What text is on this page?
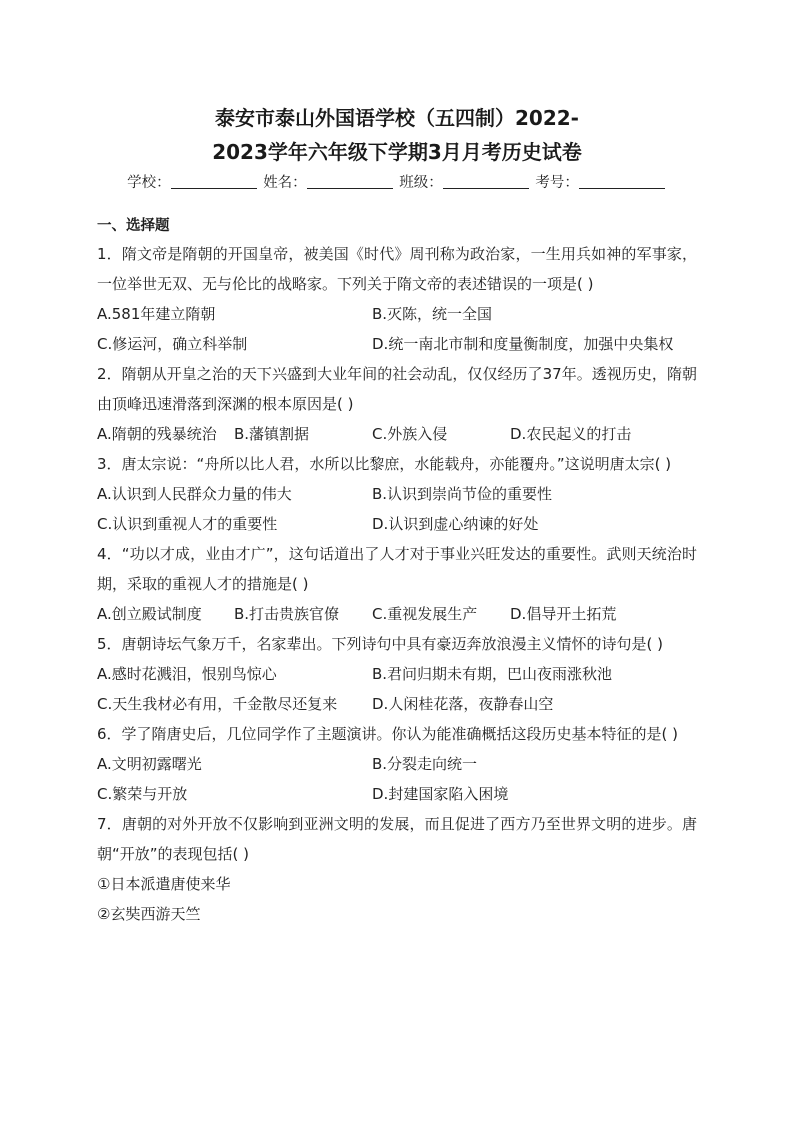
泰安市泰山外国语学校（五四制）2022-
2023学年六年级下学期3月月考历史试卷
学校：	姓名：	班级：	考号：
一、选择题

1．隋文帝是隋朝的开国皇帝，被美国《时代》周刊称为政治家，一生用兵如神的军事家，一位举世无双、无与伦比的战略家。下列关于隋文帝的表述错误的一项是( )

A.581年建立隋朝	B.灭陈，统一全国
C.修运河，确立科举制	D.统一南北市制和度量衡制度，加强中央集权

2．隋朝从开皇之治的天下兴盛到大业年间的社会动乱，仅仅经历了37年。透视历史，隋朝由顶峰迅速滑落到深渊的根本原因是( )

A.隋朝的残暴统治	B.藩镇割据	C.外族入侵	D.农民起义的打击

3．唐太宗说：“舟所以比人君，水所以比黎庶，水能载舟，亦能覆舟。”这说明唐太宗( )

A.认识到人民群众力量的伟大	B.认识到崇尚节俭的重要性
C.认识到重视人才的重要性	D.认识到虚心纳谏的好处

4．“功以才成，业由才广”，这句话道出了人才对于事业兴旺发达的重要性。武则天统治时期，采取的重视人才的措施是( )

A.创立殿试制度	B.打击贵族官僚	C.重视发展生产	D.倡导开土拓荒

5．唐朝诗坛气象万千，名家辈出。下列诗句中具有豪迈奔放浪漫主义情怀的诗句是( )

A.感时花溅泪，恨别鸟惊心	B.君问归期未有期，巴山夜雨涨秋池
C.天生我材必有用，千金散尽还复来	D.人闲桂花落，夜静春山空

6．学了隋唐史后，几位同学作了主题演讲。你认为能准确概括这段历史基本特征的是( )

A.文明初露曙光	B.分裂走向统一
C.繁荣与开放	D.封建国家陷入困境

7．唐朝的对外开放不仅影响到亚洲文明的发展，而且促进了西方乃至世界文明的进步。唐朝“开放”的表现包括( )

①日本派遣唐使来华

②玄奘西游天竺
